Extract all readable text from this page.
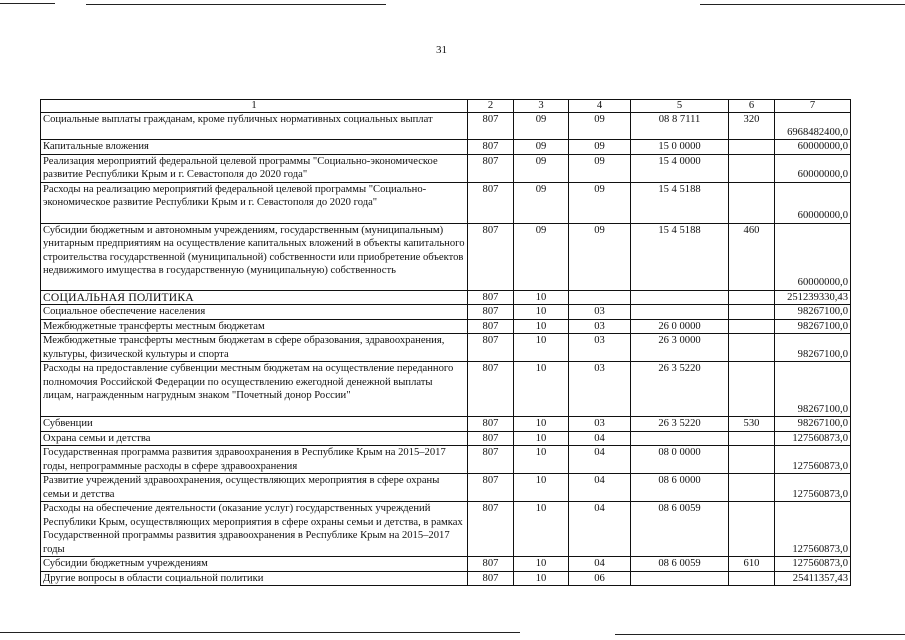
31
1	2	3	4	5	6	7
Социальные выплаты гражданам, кроме публичных нормативных социальных выплат	807	09	09	08 8 7111	320	6968482400,0
Капитальные вложения	807	09	09	15 0 0000		60000000,0
Реализация мероприятий федеральной целевой программы "Социально-экономическое развитие Республики Крым и г. Севастополя до 2020 года"	807	09	09	15 4 0000		60000000,0
Расходы на реализацию мероприятий федеральной целевой программы "Социально-экономическое развитие Республики Крым и г. Севастополя до 2020 года"	807	09	09	15 4 5188		60000000,0
Субсидии бюджетным и автономным учреждениям, государственным (муниципальным) унитарным предприятиям на осуществление капитальных вложений в объекты капитального строительства государственной (муниципальной) собственности или приобретение объектов недвижимого имущества в государственную (муниципальную) собственность	807	09	09	15 4 5188	460	60000000,0
СОЦИАЛЬНАЯ ПОЛИТИКА	807	10				251239330,43
Социальное обеспечение населения	807	10	03			98267100,0
Межбюджетные трансферты местным бюджетам	807	10	03	26 0 0000		98267100,0
Межбюджетные трансферты местным бюджетам в сфере образования, здравоохранения, культуры, физической культуры и спорта	807	10	03	26 3 0000		98267100,0
Расходы на предоставление субвенции местным бюджетам на осуществление переданного полномочия Российской Федерации по осуществлению ежегодной денежной выплаты лицам, награжденным нагрудным знаком "Почетный донор России"	807	10	03	26 3 5220		98267100,0
Субвенции	807	10	03	26 3 5220	530	98267100,0
Охрана семьи и детства	807	10	04			127560873,0
Государственная программа развития здравоохранения в Республике Крым на 2015–2017 годы, непрограммные расходы в сфере здравоохранения	807	10	04	08 0 0000		127560873,0
Развитие учреждений здравоохранения, осуществляющих мероприятия в сфере охраны семьи и детства	807	10	04	08 6 0000		127560873,0
Расходы на обеспечение деятельности (оказание услуг) государственных учреждений Республики Крым, осуществляющих мероприятия в сфере охраны семьи и детства, в рамках Государственной программы развития здравоохранения в Республике Крым на 2015–2017 годы	807	10	04	08 6 0059		127560873,0
Субсидии бюджетным учреждениям	807	10	04	08 6 0059	610	127560873,0
Другие вопросы в области социальной политики	807	10	06			25411357,43
